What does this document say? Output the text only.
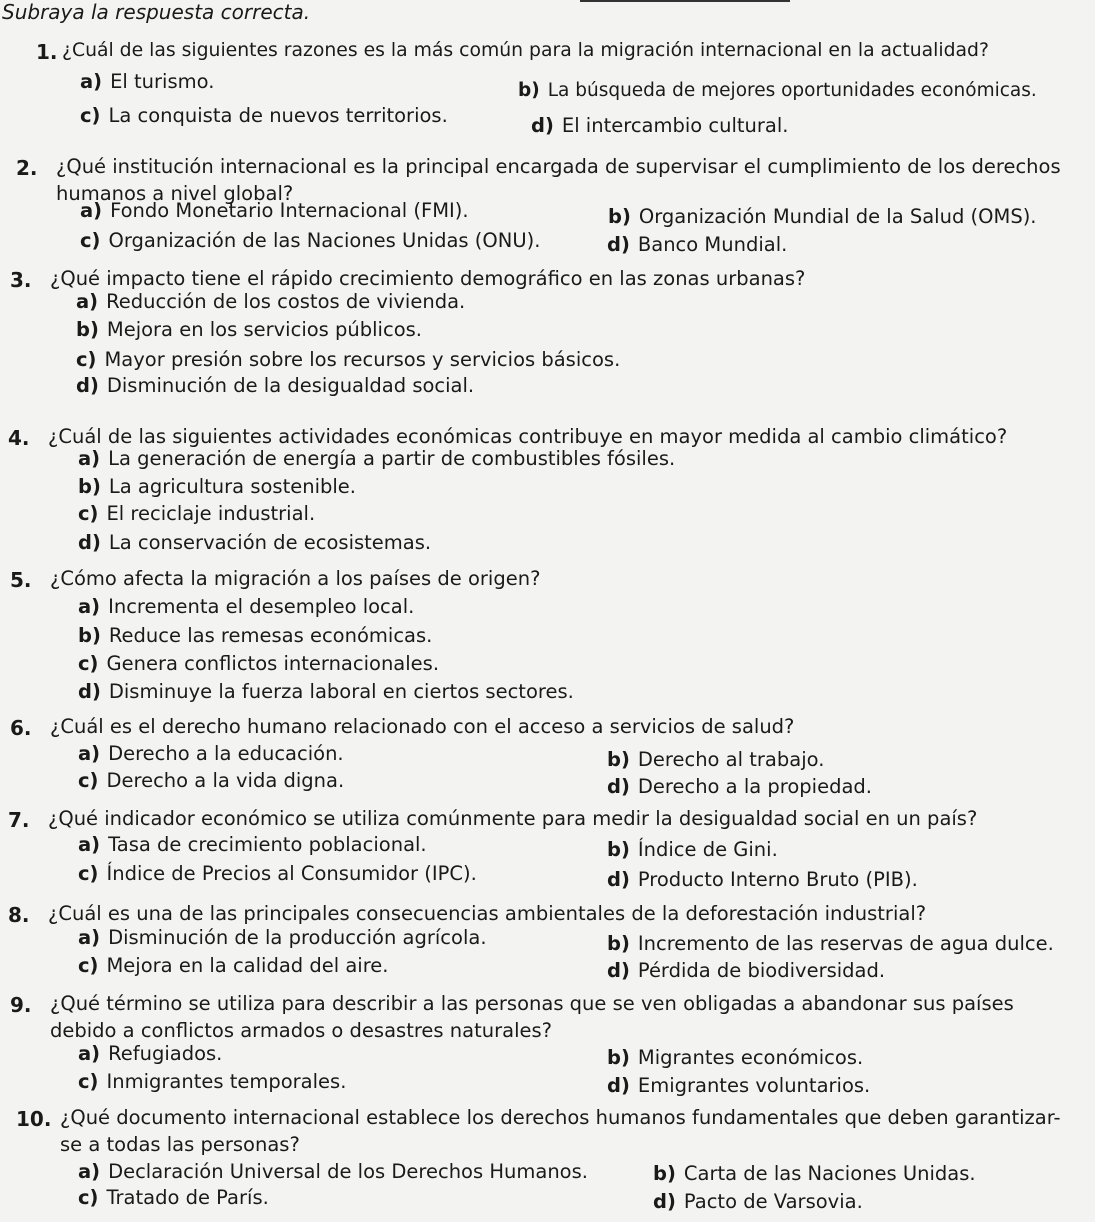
Subraya la respuesta correcta.
1. ¿Cuál de las siguientes razones es la más común para la migración internacional en la actualidad?
a) El turismo.	b) La búsqueda de mejores oportunidades económicas.
c) La conquista de nuevos territorios.	d) El intercambio cultural.
2. ¿Qué institución internacional es la principal encargada de supervisar el cumplimiento de los derechos humanos a nivel global?
a) Fondo Monetario Internacional (FMI).	b) Organización Mundial de la Salud (OMS).
c) Organización de las Naciones Unidas (ONU).	d) Banco Mundial.
3. ¿Qué impacto tiene el rápido crecimiento demográfico en las zonas urbanas?
a) Reducción de los costos de vivienda.
b) Mejora en los servicios públicos.
c) Mayor presión sobre los recursos y servicios básicos.
d) Disminución de la desigualdad social.
4. ¿Cuál de las siguientes actividades económicas contribuye en mayor medida al cambio climático?
a) La generación de energía a partir de combustibles fósiles.
b) La agricultura sostenible.
c) El reciclaje industrial.
d) La conservación de ecosistemas.
5. ¿Cómo afecta la migración a los países de origen?
a) Incrementa el desempleo local.
b) Reduce las remesas económicas.
c) Genera conflictos internacionales.
d) Disminuye la fuerza laboral en ciertos sectores.
6. ¿Cuál es el derecho humano relacionado con el acceso a servicios de salud?
a) Derecho a la educación.	b) Derecho al trabajo.
c) Derecho a la vida digna.	d) Derecho a la propiedad.
7. ¿Qué indicador económico se utiliza comúnmente para medir la desigualdad social en un país?
a) Tasa de crecimiento poblacional.	b) Índice de Gini.
c) Índice de Precios al Consumidor (IPC).	d) Producto Interno Bruto (PIB).
8. ¿Cuál es una de las principales consecuencias ambientales de la deforestación industrial?
a) Disminución de la producción agrícola.	b) Incremento de las reservas de agua dulce.
c) Mejora en la calidad del aire.	d) Pérdida de biodiversidad.
9. ¿Qué término se utiliza para describir a las personas que se ven obligadas a abandonar sus países debido a conflictos armados o desastres naturales?
a) Refugiados.	b) Migrantes económicos.
c) Inmigrantes temporales.	d) Emigrantes voluntarios.
10. ¿Qué documento internacional establece los derechos humanos fundamentales que deben garantizar-se a todas las personas?
a) Declaración Universal de los Derechos Humanos.	b) Carta de las Naciones Unidas.
c) Tratado de París.	d) Pacto de Varsovia.
